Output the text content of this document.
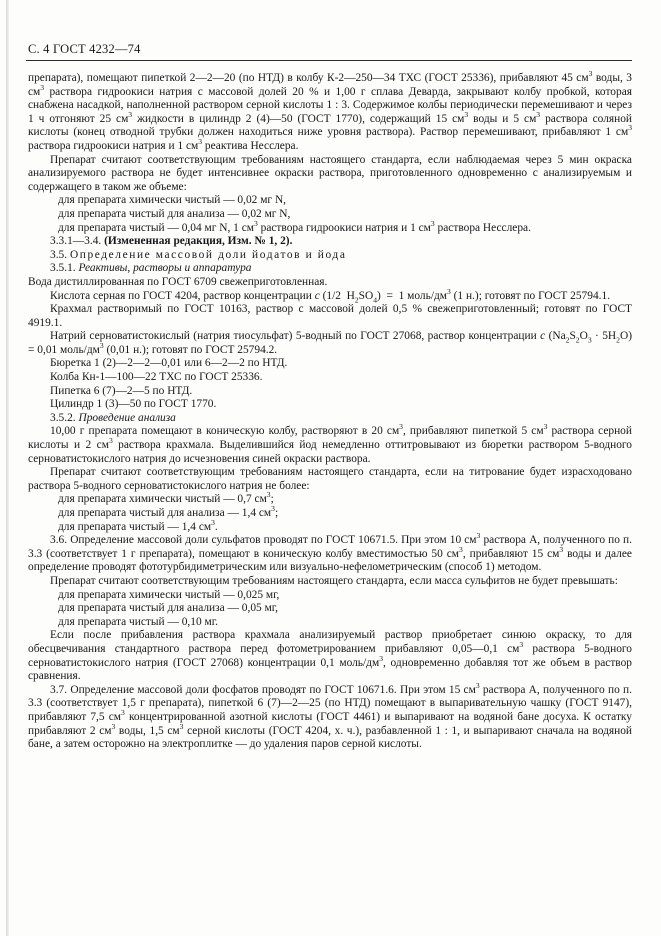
С. 4 ГОСТ 4232—74

препарата), помещают пипеткой 2—2—20 (по НТД) в колбу К-2—250—34 ТХС (ГОСТ 25336), прибавляют 45 $см^3$ воды, 3 $см^3$ раствора гидроокиси натрия с массовой долей 20 % и 1,00 г сплава Деварда, закрывают колбу пробкой, которая снабжена насадкой, наполненной раствором серной кислоты 1 : 3. Содержимое колбы периодически перемешивают и через 1 ч отгоняют 25 $см^3$ жидкости в цилиндр 2 (4)—50 (ГОСТ 1770), содержащий 15 $см^3$ воды и 5 $см^3$ раствора соляной кислоты (конец отводной трубки должен находиться ниже уровня раствора). Раствор перемешивают, прибавляют 1 $см^3$ раствора гидроокиси натрия и 1 $см^3$ реактива Несслера.

Препарат считают соответствующим требованиям настоящего стандарта, если наблюдаемая через 5 мин окраска анализируемого раствора не будет интенсивнее окраски раствора, приготовленного одновременно с анализируемым и содержащего в таком же объеме:

для препарата химически чистый — 0,02 мг N,

для препарата чистый для анализа — 0,02 мг N,

для препарата чистый — 0,04 мг N, 1 $см^3$ раствора гидроокиси натрия и 1 $см^3$ раствора Несслера.

3.3.1—3.4. (Измененная редакция, Изм. № 1, 2).

3.5. Определение массовой доли йодатов и йода

3.5.1. Реактивы, растворы и аппаратура

Вода дистиллированная по ГОСТ 6709 свежеприготовленная.

Кислота серная по ГОСТ 4204, раствор концентрации c (1/2  $H_2SO_4) = 1$ моль/$дм^3$ (1 н.); готовят по ГОСТ 25794.1.

Крахмал растворимый по ГОСТ 10163, раствор с массовой долей 0,5 % свежеприготовленный; готовят по ГОСТ 4919.1.

Натрий серноватистокислый (натрия тиосульфат) 5-водный по ГОСТ 27068, раствор концентрации c $(Na_2S_2O_3 \cdot 5H_2O) = 0,01$ моль/$дм^3$ (0,01 н.); готовят по ГОСТ 25794.2.

Бюретка 1 (2)—2—2—0,01 или 6—2—2 по НТД.

Колба Кн-1—100—22 ТХС по ГОСТ 25336.

Пипетка 6 (7)—2—5 по НТД.

Цилиндр 1 (3)—50 по ГОСТ 1770.

3.5.2. Проведение анализа

10,00 г препарата помещают в коническую колбу, растворяют в 20 $см^3$, прибавляют пипеткой 5 $см^3$ раствора серной кислоты и 2 $см^3$ раствора крахмала. Выделившийся йод немедленно оттитровывают из бюретки раствором 5-водного серноватистокислого натрия до исчезновения синей окраски раствора.

Препарат считают соответствующим требованиям настоящего стандарта, если на титрование будет израсходовано раствора 5-водного серноватистокислого натрия не более:

для препарата химически чистый — 0,7 $см^3$;

для препарата чистый для анализа — 1,4 $см^3$;

для препарата чистый — 1,4 $см^3$.

3.6. Определение массовой доли сульфатов проводят по ГОСТ 10671.5. При этом 10 $см^3$ раствора А, полученного по п. 3.3 (соответствует 1 г препарата), помещают в коническую колбу вместимостью 50 $см^3$, прибавляют 15 $см^3$ воды и далее определение проводят фототурбидиметрическим или визуально-нефелометрическим (способ 1) методом.

Препарат считают соответствующим требованиям настоящего стандарта, если масса сульфитов не будет превышать:

для препарата химически чистый — 0,025 мг,

для препарата чистый для анализа — 0,05 мг,

для препарата чистый — 0,10 мг.

Если после прибавления раствора крахмала анализируемый раствор приобретает синюю окраску, то для обесцвечивания стандартного раствора перед фотометрированием прибавляют 0,05—0,1 $см^3$ раствора 5-водного серноватистокислого натрия (ГОСТ 27068) концентрации 0,1 моль/$дм^3$, одновременно добавляя тот же объем в раствор сравнения.

3.7. Определение массовой доли фосфатов проводят по ГОСТ 10671.6. При этом 15 $см^3$ раствора А, полученного по п. 3.3 (соответствует 1,5 г препарата), пипеткой 6 (7)—2—25 (по НТД) помещают в выпаривательную чашку (ГОСТ 9147), прибавляют 7,5 $см^3$ концентрированной азотной кислоты (ГОСТ 4461) и выпаривают на водяной бане досуха. К остатку прибавляют 2 $см^3$ воды, 1,5 $см^3$ серной кислоты (ГОСТ 4204, х. ч.), разбавленной 1 : 1, и выпаривают сначала на водяной бане, а затем осторожно на электроплитке — до удаления паров серной кислоты.
